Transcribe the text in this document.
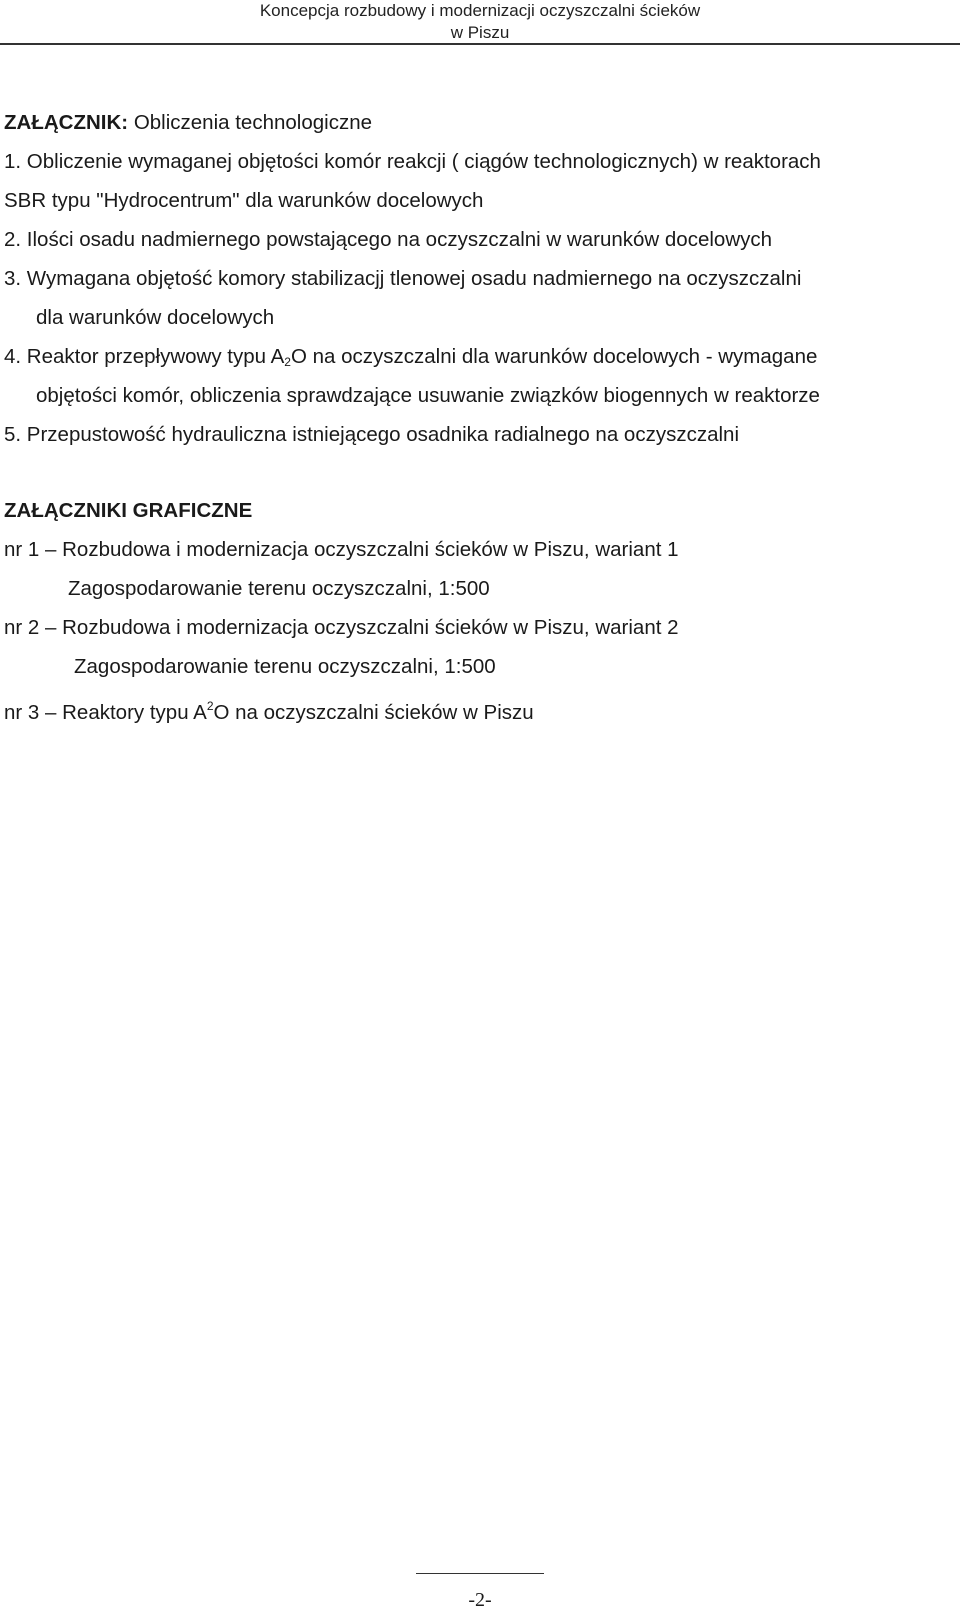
Koncepcja rozbudowy i modernizacji oczyszczalni ścieków
w Piszu
ZAŁĄCZNIK: Obliczenia technologiczne
1. Obliczenie wymaganej objętości komór reakcji ( ciągów technologicznych) w reaktorach
SBR typu "Hydrocentrum" dla warunków docelowych
2. Ilości osadu nadmiernego powstającego na oczyszczalni w warunków docelowych
3. Wymagana objętość komory stabilizacjj tlenowej osadu nadmiernego na oczyszczalni
dla warunków docelowych
4. Reaktor przepływowy typu $A_2O$ na oczyszczalni dla warunków docelowych - wymagane
objętości komór, obliczenia sprawdzające usuwanie związków biogennych w reaktorze
5. Przepustowość hydrauliczna istniejącego osadnika radialnego na oczyszczalni
ZAŁĄCZNIKI GRAFICZNE
nr 1 – Rozbudowa i modernizacja oczyszczalni ścieków w Piszu, wariant 1
Zagospodarowanie terenu oczyszczalni, 1:500
nr 2 – Rozbudowa i modernizacja oczyszczalni ścieków w Piszu, wariant 2
Zagospodarowanie terenu oczyszczalni, 1:500
nr 3 – Reaktory typu $A^2O$ na oczyszczalni ścieków w Piszu
-2-
